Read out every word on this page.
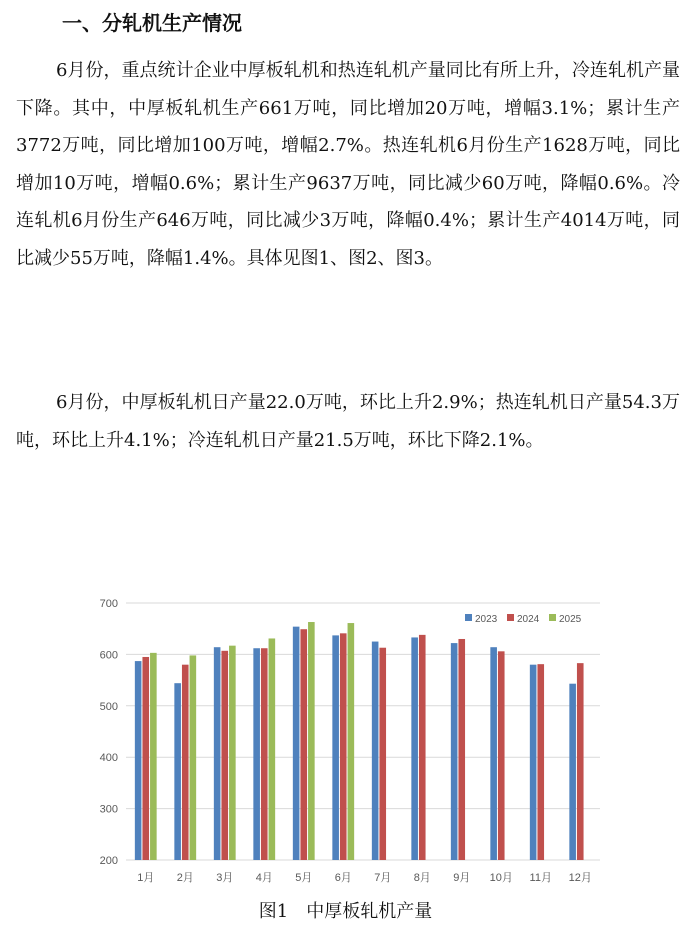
一、分轧机生产情况

6月份，重点统计企业中厚板轧机和热连轧机产量同比有所上升，冷连轧机产量下降。其中，中厚板轧机生产661万吨，同比增加20万吨，增幅3.1%；累计生产3772万吨，同比增加100万吨，增幅2.7%。热连轧机6月份生产1628万吨，同比增加10万吨，增幅0.6%；累计生产9637万吨，同比减少60万吨，降幅0.6%。冷连轧机6月份生产646万吨，同比减少3万吨，降幅0.4%；累计生产4014万吨，同比减少55万吨，降幅1.4%。具体见图1、图2、图3。

6月份，中厚板轧机日产量22.0万吨，环比上升2.9%；热连轧机日产量54.3万吨，环比上升4.1%；冷连轧机日产量21.5万吨，环比下降2.1%。

200
300
400
500
600
700
1月 2月 3月 4月 5月 6月 7月 8月 9月 10月 11月 12月
2023 2024 2025
图1 中厚板轧机产量
